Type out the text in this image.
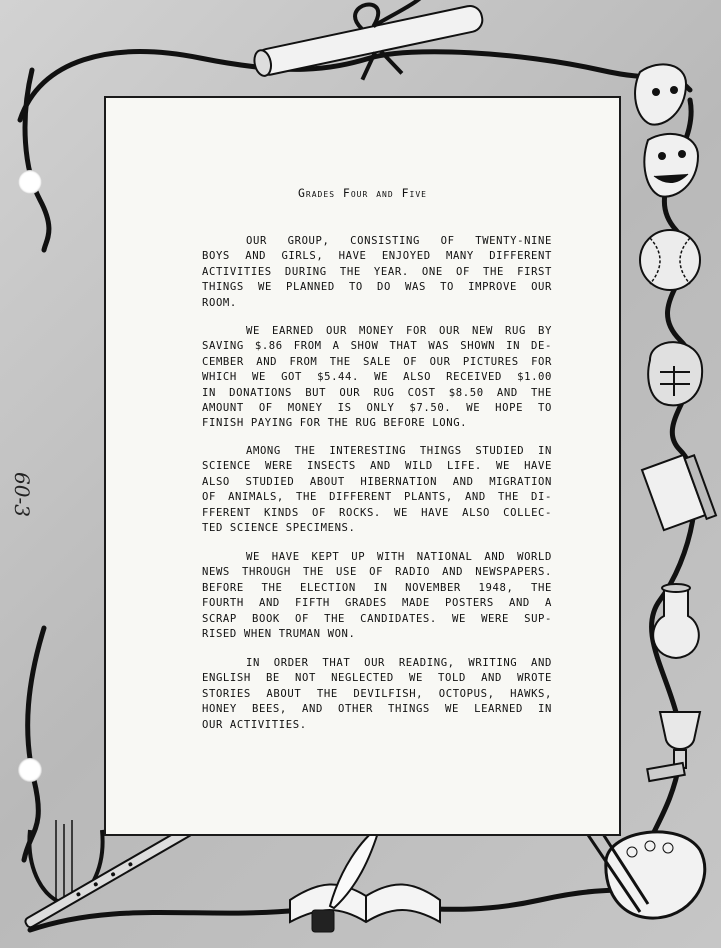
60-3
Grades Four and Five
OUR GROUP, CONSISTING OF TWENTY-NINE
BOYS AND GIRLS, HAVE ENJOYED MANY DIFFERENT
ACTIVITIES DURING THE YEAR. ONE OF THE FIRST
THINGS WE PLANNED TO DO WAS TO IMPROVE OUR
ROOM.
WE EARNED OUR MONEY FOR OUR NEW RUG BY
SAVING $.86 FROM A SHOW THAT WAS SHOWN IN DE-
CEMBER AND FROM THE SALE OF OUR PICTURES FOR
WHICH WE GOT $5.44. WE ALSO RECEIVED $1.00
IN DONATIONS BUT OUR RUG COST $8.50 AND THE
AMOUNT OF MONEY IS ONLY $7.50. WE HOPE TO
FINISH PAYING FOR THE RUG BEFORE LONG.
AMONG THE INTERESTING THINGS STUDIED IN
SCIENCE WERE INSECTS AND WILD LIFE. WE HAVE
ALSO STUDIED ABOUT HIBERNATION AND MIGRATION
OF ANIMALS, THE DIFFERENT PLANTS, AND THE DI-
FFERENT KINDS OF ROCKS. WE HAVE ALSO COLLEC-
TED SCIENCE SPECIMENS.
WE HAVE KEPT UP WITH NATIONAL AND WORLD
NEWS THROUGH THE USE OF RADIO AND NEWSPAPERS.
BEFORE THE ELECTION IN NOVEMBER 1948, THE
FOURTH AND FIFTH GRADES MADE POSTERS AND A
SCRAP BOOK OF THE CANDIDATES. WE WERE SUP-
RISED WHEN TRUMAN WON.
IN ORDER THAT OUR READING, WRITING AND
ENGLISH BE NOT NEGLECTED WE TOLD AND WROTE
STORIES ABOUT THE DEVILFISH, OCTOPUS, HAWKS,
HONEY BEES, AND OTHER THINGS WE LEARNED IN
OUR ACTIVITIES.
